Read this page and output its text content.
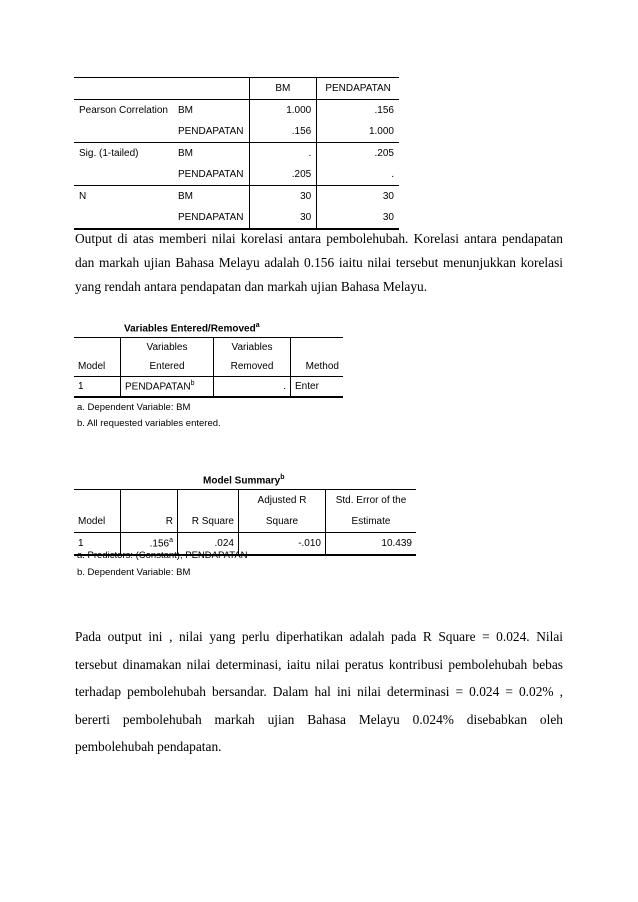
		BM	PENDAPATAN
Pearson Correlation	BM	1.000	.156
	PENDAPATAN	.156	1.000
Sig. (1-tailed)	BM	.	.205
	PENDAPATAN	.205	.
N	BM	30	30
	PENDAPATAN	30	30

Output di atas memberi nilai korelasi antara pembolehubah. Korelasi antara pendapatan dan markah ujian Bahasa Melayu adalah 0.156 iaitu nilai tersebut menunjukkan korelasi yang rendah antara pendapatan dan markah ujian Bahasa Melayu.

Variables Entered/Removed$^a$
	Variables	Variables	
Model	Entered	Removed	Method
1	PENDAPATAN$^b$	.	Enter
a. Dependent Variable: BM
b. All requested variables entered.
Model Summary$^b$
			Adjusted R	Std. Error of the
Model	R	R Square	Square	Estimate
1	.156$^a$	.024	-.010	10.439
a. Predictors: (Constant), PENDAPATAN
b. Dependent Variable: BM

Pada output ini , nilai yang perlu diperhatikan adalah pada R Square = 0.024. Nilai tersebut dinamakan nilai determinasi, iaitu nilai peratus kontribusi pembolehubah bebas terhadap pembolehubah bersandar. Dalam hal ini nilai determinasi = 0.024 = 0.02% , bererti pembolehubah markah ujian Bahasa Melayu 0.024% disebabkan oleh pembolehubah pendapatan.
